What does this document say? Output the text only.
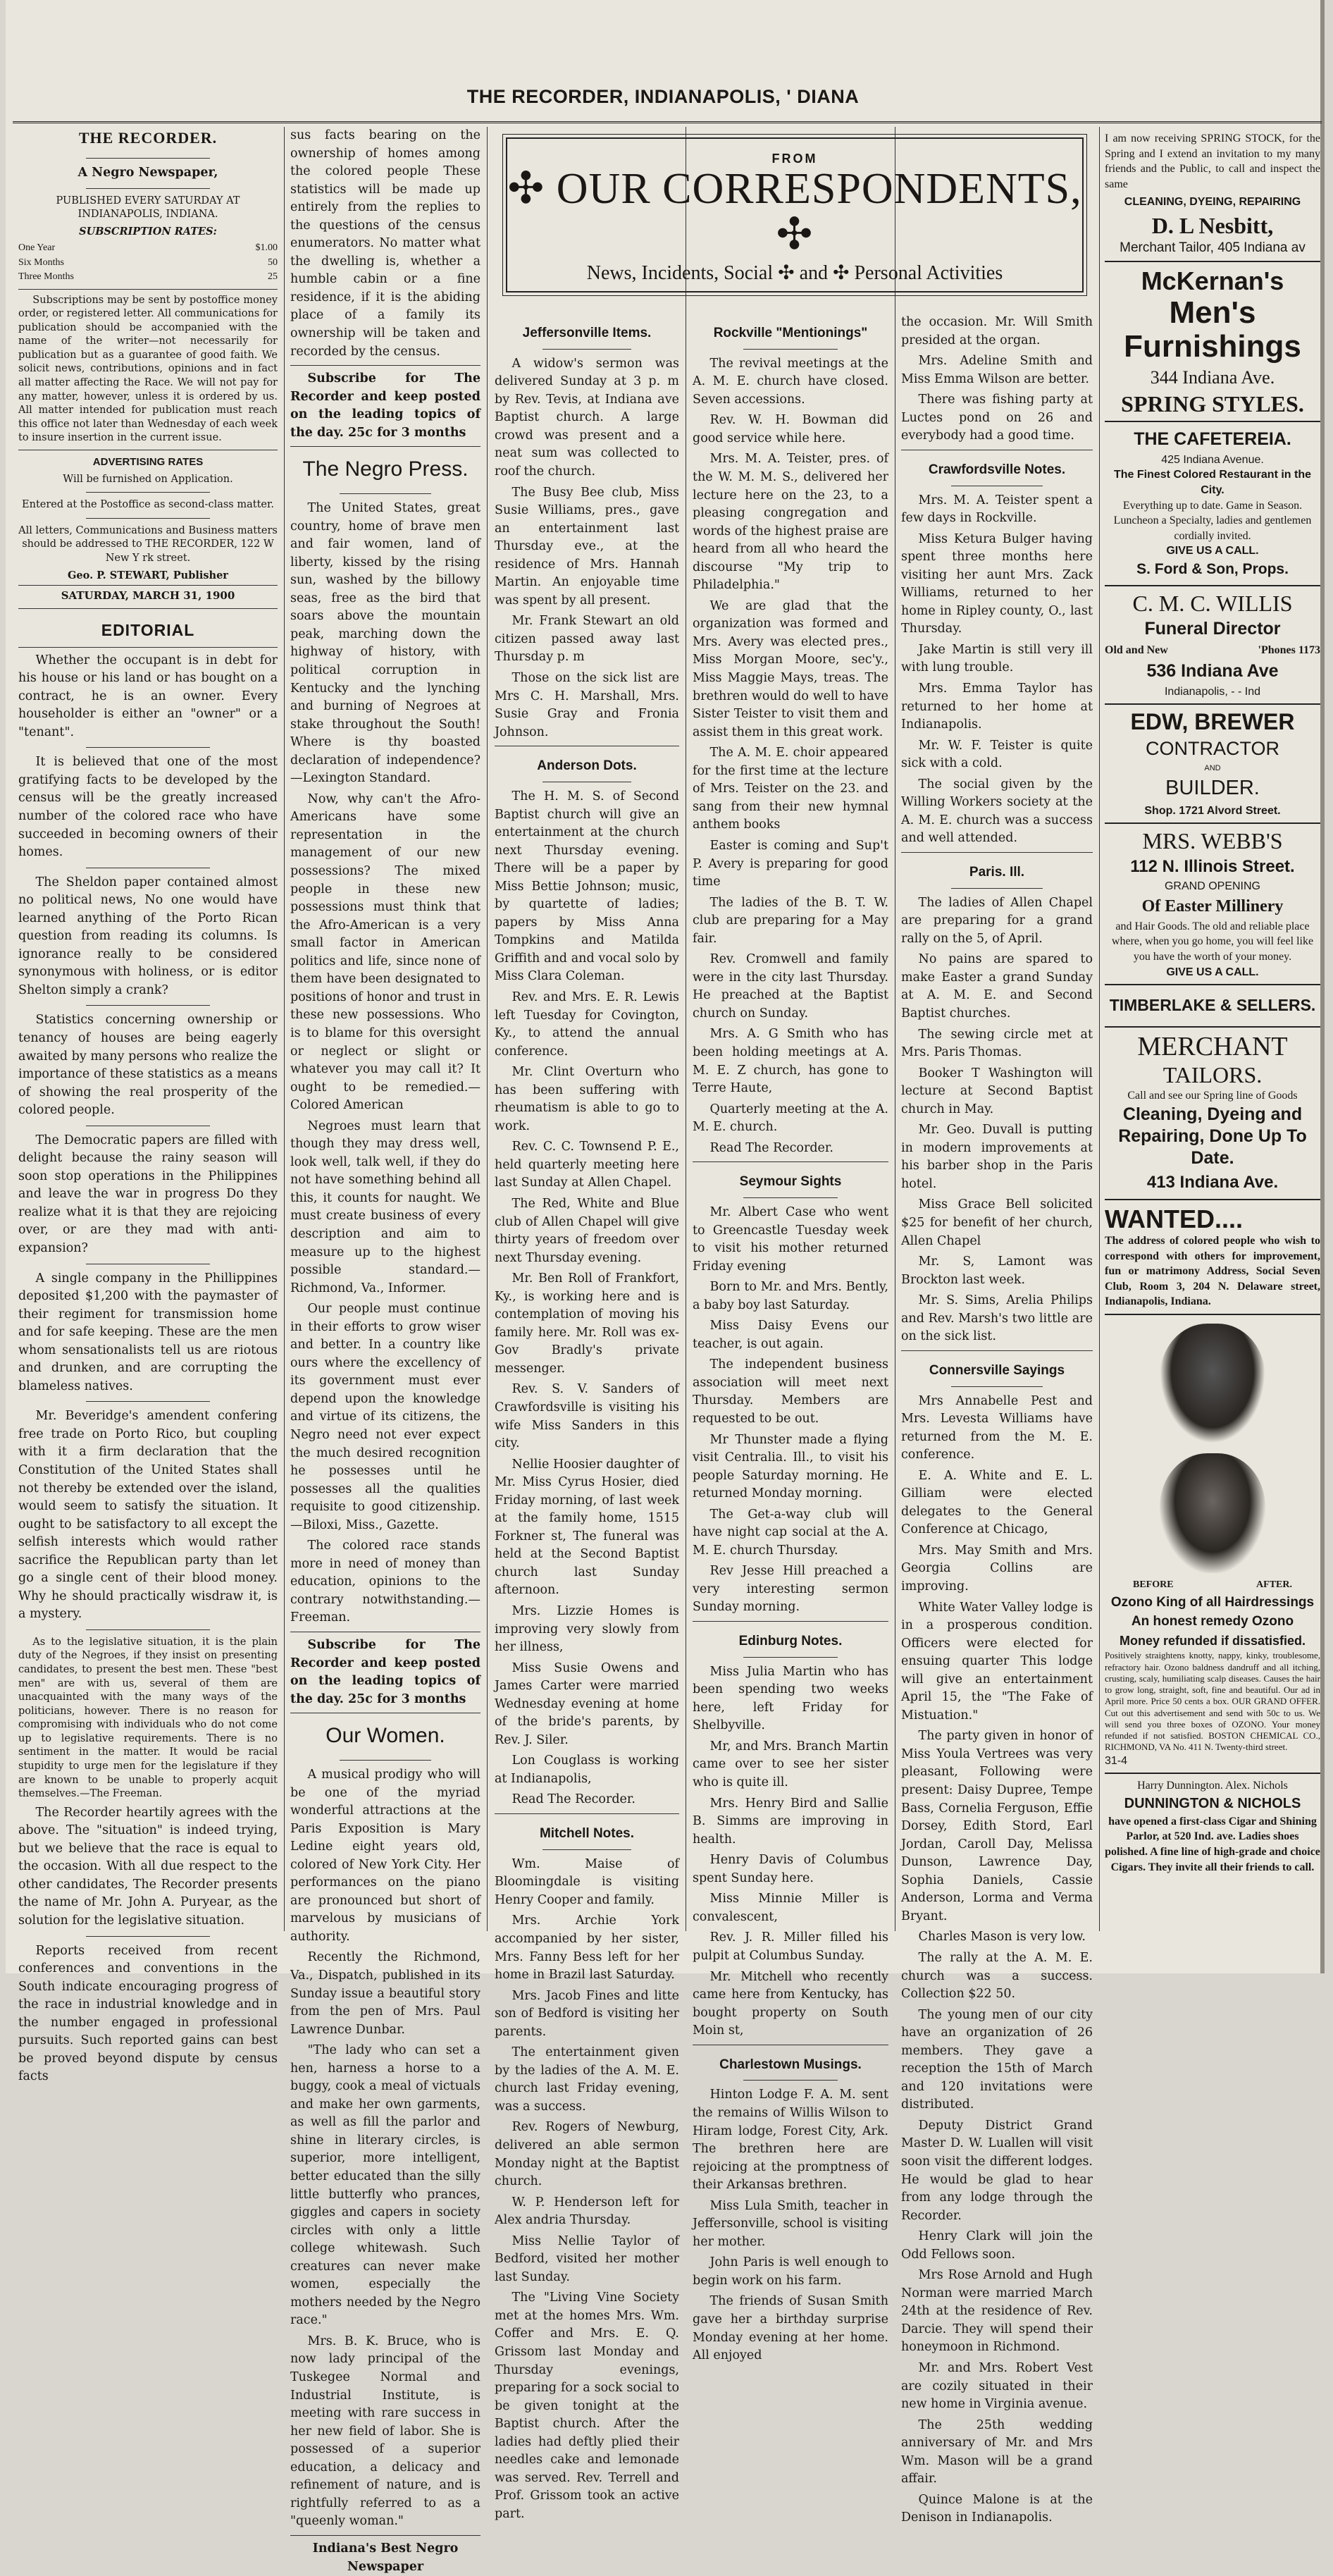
THE RECORDER, INDIANAPOLIS, ' DIANA
THE RECORDER.

A Negro Newspaper,

PUBLISHED EVERY SATURDAY AT INDIANAPOLIS, INDIANA.

SUBSCRIPTION RATES:

One Year	$1.00
Six Months	50
Three Months	25

Subscriptions may be sent by postoffice money order, or registered letter. All communications for publication should be accompanied with the name of the writer—not necessarily for publication but as a guarantee of good faith. We solicit news, contributions, opinions and in fact all matter affecting the Race. We will not pay for any matter, however, unless it is ordered by us. All matter intended for publication must reach this office not later than Wednesday of each week to insure insertion in the current issue.

ADVERTISING RATES

Will be furnished on Application.

Entered at the Postoffice as second-class matter.

All letters, Communications and Business matters should be addressed to THE RECORDER, 122 W New Y rk street.

Geo. P. STEWART, Publisher

SATURDAY, MARCH 31, 1900

EDITORIAL

Whether the occupant is in debt for his house or his land or has bought on a contract, he is an owner. Every householder is either an "owner" or a "tenant".

It is believed that one of the most gratifying facts to be developed by the census will be the greatly increased number of the colored race who have succeeded in becoming owners of their homes.

The Sheldon paper contained almost no political news, No one would have learned anything of the Porto Rican question from reading its columns. Is ignorance really to be considered synonymous with holiness, or is editor Shelton simply a crank?

Statistics concerning ownership or tenancy of houses are being eagerly awaited by many persons who realize the importance of these statistics as a means of showing the real prosperity of the colored people.

The Democratic papers are filled with delight because the rainy season will soon stop operations in the Philippines and leave the war in progress Do they realize what it is that they are rejoicing over, or are they mad with anti-expansion?

A single company in the Phillippines deposited $1,200 with the paymaster of their regiment for transmission home and for safe keeping. These are the men whom sensationalists tell us are riotous and drunken, and are corrupting the blameless natives.

Mr. Beveridge's amendent confering free trade on Porto Rico, but coupling with it a firm declaration that the Constitution of the United States shall not thereby be extended over the island, would seem to satisfy the situation. It ought to be satisfactory to all except the selfish interests which would rather sacrifice the Republican party than let go a single cent of their blood money. Why he should practically wisdraw it, is a mystery.

As to the legislative situation, it is the plain duty of the Negroes, if they insist on presenting candidates, to present the best men. These "best men" are with us, several of them are unacquainted with the many ways of the politicians, however. There is no reason for compromising with individuals who do not come up to legislative requirements. There is no sentiment in the matter. It would be racial stupidity to urge men for the legislature if they are known to be unable to properly acquit themselves.—The Freeman.

The Recorder heartily agrees with the above. The "situation" is indeed trying, but we believe that the race is equal to the occasion. With all due respect to the other candidates, The Recorder presents the name of Mr. John A. Puryear, as the solution for the legislative situation.

Reports received from recent conferences and conventions in the South indicate encouraging progress of the race in industrial knowledge and in the number engaged in professional pursuits. Such reported gains can best be proved beyond dispute by census facts

sus facts bearing on the ownership of homes among the colored people These statistics will be made up entirely from the replies to the questions of the census enumerators. No matter what the dwelling is, whether a humble cabin or a fine residence, if it is the abiding place of a family its ownership will be taken and recorded by the census.

Subscribe for The Recorder and keep posted on the leading topics of the day. 25c for 3 months

The Negro Press.

The United States, great country, home of brave men and fair women, land of liberty, kissed by the rising sun, washed by the billowy seas, free as the bird that soars above the mountain peak, marching down the highway of history, with political corruption in Kentucky and the lynching and burning of Negroes at stake throughout the South! Where is thy boasted declaration of independence?—Lexington Standard.

Now, why can't the Afro-Americans have some representation in the management of our new possessions? The mixed people in these new possessions must think that the Afro-American is a very small factor in American politics and life, since none of them have been designated to positions of honor and trust in these new possessions. Who is to blame for this oversight or neglect or slight or whatever you may call it? It ought to be remedied.—Colored American

Negroes must learn that though they may dress well, look well, talk well, if they do not have something behind all this, it counts for naught. We must create business of every description and aim to measure up to the highest possible standard.—Richmond, Va., Informer.

Our people must continue in their efforts to grow wiser and better. In a country like ours where the excellency of its government must ever depend upon the knowledge and virtue of its citizens, the Negro need not ever expect the much desired recognition he possesses until he possesses all the qualities requisite to good citizenship.—Biloxi, Miss., Gazette.

The colored race stands more in need of money than education, opinions to the contrary notwithstanding.—Freeman.

Subscribe for The Recorder and keep posted on the leading topics of the day. 25c for 3 months

Our Women.

A musical prodigy who will be one of the myriad wonderful attractions at the Paris Exposition is Mary Ledine eight years old, colored of New York City. Her performances on the piano are pronounced but short of marvelous by musicians of authority.

Recently the Richmond, Va., Dispatch, published in its Sunday issue a beautiful story from the pen of Mrs. Paul Lawrence Dunbar.

"The lady who can set a hen, harness a horse to a buggy, cook a meal of victuals and make her own garments, as well as fill the parlor and shine in literary circles, is superior, more intelligent, better educated than the silly little butterfly who prances, giggles and capers in society circles with only a little college whitewash. Such creatures can never make women, especially the mothers needed by the Negro race."

Mrs. B. K. Bruce, who is now lady principal of the Tuskegee Normal and Industrial Institute, is meeting with rare success in her new field of labor. She is possessed of a superior education, a delicacy and refinement of nature, and is rightfully referred to as a "queenly woman."

Indiana's Best Negro Newspaper

FROM
✣ OUR CORRESPONDENTS, ✣
News, Incidents, Social ✣ and ✣ Personal Activities
Jeffersonville Items.

A widow's sermon was delivered Sunday at 3 p. m by Rev. Tevis, at Indiana ave Baptist church. A large crowd was present and a neat sum was collected to roof the church.

The Busy Bee club, Miss Susie Williams, pres., gave an entertainment last Thursday eve., at the residence of Mrs. Hannah Martin. An enjoyable time was spent by all present.

Mr. Frank Stewart an old citizen passed away last Thursday p. m

Those on the sick list are Mrs C. H. Marshall, Mrs. Susie Gray and Fronia Johnson.

Anderson Dots.

The H. M. S. of Second Baptist church will give an entertainment at the church next Thursday evening. There will be a paper by Miss Bettie Johnson; music, by quartette of ladies; papers by Miss Anna Tompkins and Matilda Griffith and and vocal solo by Miss Clara Coleman.

Rev. and Mrs. E. R. Lewis left Tuesday for Covington, Ky., to attend the annual conference.

Mr. Clint Overturn who has been suffering with rheumatism is able to go to work.

Rev. C. C. Townsend P. E., held quarterly meeting here last Sunday at Allen Chapel.

The Red, White and Blue club of Allen Chapel will give thirty years of freedom over next Thursday evening.

Mr. Ben Roll of Frankfort, Ky., is working here and is contemplation of moving his family here. Mr. Roll was ex-Gov Bradly's private messenger.

Rev. S. V. Sanders of Crawfordsville is visiting his wife Miss Sanders in this city.

Nellie Hoosier daughter of Mr. Miss Cyrus Hosier, died Friday morning, of last week at the family home, 1515 Forkner st, The funeral was held at the Second Baptist church last Sunday afternoon.

Mrs. Lizzie Homes is improving very slowly from her illness,

Miss Susie Owens and James Carter were married Wednesday evening at home of the bride's parents, by Rev. J. Siler.

Lon Couglass is working at Indianapolis,

Read The Recorder.

Mitchell Notes.

Wm. Maise of Bloomingdale is visiting Henry Cooper and family.

Mrs. Archie York accompanied by her sister, Mrs. Fanny Bess left for her home in Brazil last Saturday.

Mrs. Jacob Fines and litte son of Bedford is visiting her parents.

The entertainment given by the ladies of the A. M. E. church last Friday evening, was a success.

Rev. Rogers of Newburg, delivered an able sermon Monday night at the Baptist church.

W. P. Henderson left for Alex andria Thursday.

Miss Nellie Taylor of Bedford, visited her mother last Sunday.

The "Living Vine Society met at the homes Mrs. Wm. Coffer and Mrs. E. Q. Grissom last Monday and Thursday evenings, preparing for a sock social to be given tonight at the Baptist church. After the ladies had deftly plied their needles cake and lemonade was served. Rev. Terrell and Prof. Grissom took an active part.

Rockville "Mentionings"

The revival meetings at the A. M. E. church have closed. Seven accessions.

Rev. W. H. Bowman did good service while here.

Mrs. M. A. Teister, pres. of the W. M. M. S., delivered her lecture here on the 23, to a pleasing congregation and words of the highest praise are heard from all who heard the discourse "My trip to Philadelphia."

We are glad that the organization was formed and Mrs. Avery was elected pres., Miss Morgan Moore, sec'y., Miss Maggie Mays, treas. The brethren would do well to have Sister Teister to visit them and assist them in this great work.

The A. M. E. choir appeared for the first time at the lecture of Mrs. Teister on the 23. and sang from their new hymnal anthem books

Easter is coming and Sup't P. Avery is preparing for good time

The ladies of the B. T. W. club are preparing for a May fair.

Rev. Cromwell and family were in the city last Thursday. He preached at the Baptist church on Sunday.

Mrs. A. G Smith who has been holding meetings at A. M. E. Z church, has gone to Terre Haute,

Quarterly meeting at the A. M. E. church.

Read The Recorder.

Seymour Sights

Mr. Albert Case who went to Greencastle Tuesday week to visit his mother returned Friday evening

Born to Mr. and Mrs. Bently, a baby boy last Saturday.

Miss Daisy Evens our teacher, is out again.

The independent business association will meet next Thursday. Members are requested to be out.

Mr Thunster made a flying visit Centralia. Ill., to visit his people Saturday morning. He returned Monday morning.

The Get-a-way club will have night cap social at the A. M. E. church Thursday.

Rev Jesse Hill preached a very interesting sermon Sunday morning.

Edinburg Notes.

Miss Julia Martin who has been spending two weeks here, left Friday for Shelbyville.

Mr, and Mrs. Branch Martin came over to see her sister who is quite ill.

Mrs. Henry Bird and Sallie B. Simms are improving in health.

Henry Davis of Columbus spent Sunday here.

Miss Minnie Miller is convalescent,

Rev. J. R. Miller filled his pulpit at Columbus Sunday.

Mr. Mitchell who recently came here from Kentucky, has bought property on South Moin st,

Charlestown Musings.

Hinton Lodge F. A. M. sent the remains of Willis Wilson to Hiram lodge, Forest City, Ark. The brethren here are rejoicing at the promptness of their Arkansas brethren.

Miss Lula Smith, teacher in Jeffersonville, school is visiting her mother.

John Paris is well enough to begin work on his farm.

The friends of Susan Smith gave her a birthday surprise Monday evening at her home. All enjoyed

the occasion. Mr. Will Smith presided at the organ.

Mrs. Adeline Smith and Miss Emma Wilson are better.

There was fishing party at Luctes pond on 26 and everybody had a good time.

Crawfordsville Notes.

Mrs. M. A. Teister spent a few days in Rockville.

Miss Ketura Bulger having spent three months here visiting her aunt Mrs. Zack Williams, returned to her home in Ripley county, O., last Thursday.

Jake Martin is still very ill with lung trouble.

Mrs. Emma Taylor has returned to her home at Indianapolis.

Mr. W. F. Teister is quite sick with a cold.

The social given by the Willing Workers society at the A. M. E. church was a success and well attended.

Paris. Ill.

The ladies of Allen Chapel are preparing for a grand rally on the 5, of April.

No pains are spared to make Easter a grand Sunday at A. M. E. and Second Baptist churches.

The sewing circle met at Mrs. Paris Thomas.

Booker T Washington will lecture at Second Baptist church in May.

Mr. Geo. Duvall is putting in modern improvements at his barber shop in the Paris hotel.

Miss Grace Bell solicited $25 for benefit of her church, Allen Chapel

Mr. S, Lamont was Brockton last week.

Mr. S. Sims, Arelia Philips and Rev. Marsh's two little are on the sick list.

Connersville Sayings

Mrs Annabelle Pest and Mrs. Levesta Williams have returned from the M. E. conference.

E. A. White and E. L. Gilliam were elected delegates to the General Conference at Chicago,

Mrs. May Smith and Mrs. Georgia Collins are improving.

White Water Valley lodge is in a prosperous condition. Officers were elected for ensuing quarter This lodge will give an entertainment April 15, the "The Fake of Mistuation."

The party given in honor of Miss Youla Vertrees was very pleasant, Following were present: Daisy Dupree, Tempe Bass, Cornelia Ferguson, Effie Dorsey, Edith Stord, Earl Jordan, Caroll Day, Melissa Dunson, Lawrence Day, Sophia Daniels, Cassie Anderson, Lorma and Verma Bryant.

Charles Mason is very low.

The rally at the A. M. E. church was a success. Collection $22 50.

The young men of our city have an organization of 26 members. They gave a reception the 15th of March and 120 invitations were distributed.

Deputy District Grand Master D. W. Luallen will visit soon visit the different lodges. He would be glad to hear from any lodge through the Recorder.

Henry Clark will join the Odd Fellows soon.

Mrs Rose Arnold and Hugh Norman were married March 24th at the residence of Rev. Darcie. They will spend their honeymoon in Richmond.

Mr. and Mrs. Robert Vest are cozily situated in their new home in Virginia avenue.

The 25th wedding anniversary of Mr. and Mrs Wm. Mason will be a grand affair.

Quince Malone is at the Denison in Indianapolis.

I am now receiving SPRING STOCK, for the Spring and I extend an invitation to my many friends and the Public, to call and inspect the same

CLEANING, DYEING, REPAIRING

D. L Nesbitt,
Merchant Tailor, 405 Indiana av
McKernan's
Men's
Furnishings
344 Indiana Ave.
SPRING STYLES.
THE CAFETEREIA.
425 Indiana Avenue.
The Finest Colored Restaurant in the City.
Everything up to date. Game in Season. Luncheon a Specialty, ladies and gentlemen cordially invited.
GIVE US A CALL.
S. Ford & Son, Props.
C. M. C. WILLIS
Funeral Director
Old and New	'Phones 1173
536 Indiana Ave
Indianapolis, - - Ind
EDW, BREWER
CONTRACTOR
AND
BUILDER.
Shop. 1721 Alvord Street.
MRS. WEBB'S
112 N. Illinois Street.
GRAND OPENING
Of Easter Millinery
and Hair Goods. The old and reliable place where, when you go home, you will feel like you have the worth of your money.
GIVE US A CALL.
TIMBERLAKE & SELLERS.
MERCHANT
TAILORS.
Call and see our Spring line of Goods
Cleaning, Dyeing and Repairing, Done Up To Date.
413 Indiana Ave.
WANTED....
The address of colored people who wish to correspond with others for improvement, fun or matrimony Address, Social Seven Club, Room 3, 204 N. Delaware street, Indianapolis, Indiana.
BEFORE	AFTER.
Ozono King of all Hairdressings An honest remedy Ozono
Money refunded if dissatisfied.
Positively straightens knotty, nappy, kinky, troublesome, refractory hair. Ozono baldness dandruff and all itching, crusting, scaly, humiliating scalp diseases. Causes the hair to grow long, straight, soft, fine and beautiful. Our ad in April more. Price 50 cents a box. OUR GRAND OFFER. Cut out this advertisement and send with 50c to us. We will send you three boxes of OZONO. Your money refunded if not satisfied. BOSTON CHEMICAL CO., RICHMOND, VA No. 411 N. Twenty-third street.
31-4
Harry Dunnington. Alex. Nichols
DUNNINGTON & NICHOLS
have opened a first-class Cigar and Shining Parlor, at 520 Ind. ave. Ladies shoes polished. A fine line of high-grade and choice Cigars. They invite all their friends to call.
